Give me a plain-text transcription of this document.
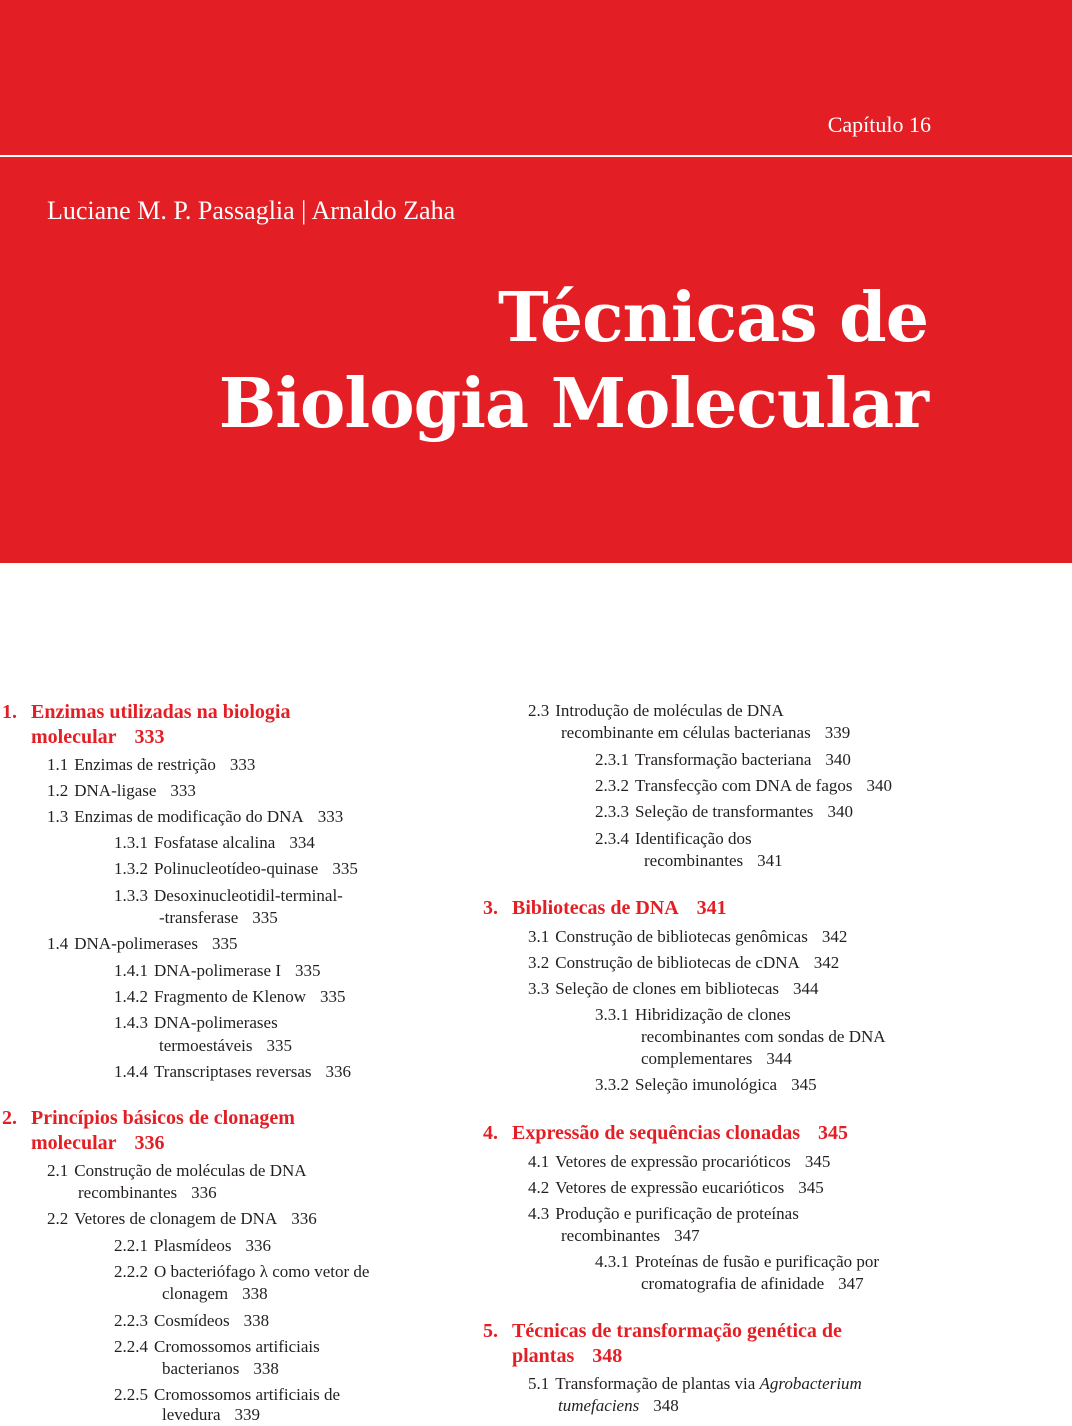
Capítulo 16
Luciane M. P. Passaglia | Arnaldo Zaha
Técnicas de
Biologia Molecular
1. Enzimas utilizadas na biologia
molecular 333
1.1 Enzimas de restrição 333
1.2 DNA-ligase 333
1.3 Enzimas de modificação do DNA 333
1.3.1 Fosfatase alcalina 334
1.3.2 Polinucleotídeo-quinase 335
1.3.3 Desoxinucleotidil-terminal-
-transferase 335
1.4 DNA-polimerases 335
1.4.1 DNA-polimerase I 335
1.4.2 Fragmento de Klenow 335
1.4.3 DNA-polimerases
termoestáveis 335
1.4.4 Transcriptases reversas 336
2. Princípios básicos de clonagem
molecular 336
2.1 Construção de moléculas de DNA
recombinantes 336
2.2 Vetores de clonagem de DNA 336
2.2.1 Plasmídeos 336
2.2.2 O bacteriófago λ como vetor de
clonagem 338
2.2.3 Cosmídeos 338
2.2.4 Cromossomos artificiais
bacterianos 338
2.2.5 Cromossomos artificiais de
levedura 339
2.3 Introdução de moléculas de DNA
recombinante em células bacterianas 339
2.3.1 Transformação bacteriana 340
2.3.2 Transfecção com DNA de fagos 340
2.3.3 Seleção de transformantes 340
2.3.4 Identificação dos
recombinantes 341
3. Bibliotecas de DNA 341
3.1 Construção de bibliotecas genômicas 342
3.2 Construção de bibliotecas de cDNA 342
3.3 Seleção de clones em bibliotecas 344
3.3.1 Hibridização de clones
recombinantes com sondas de DNA
complementares 344
3.3.2 Seleção imunológica 345
4. Expressão de sequências clonadas 345
4.1 Vetores de expressão procarióticos 345
4.2 Vetores de expressão eucarióticos 345
4.3 Produção e purificação de proteínas
recombinantes 347
4.3.1 Proteínas de fusão e purificação por
cromatografia de afinidade 347
5. Técnicas de transformação genética de
plantas 348
5.1 Transformação de plantas via Agrobacterium
tumefaciens 348
